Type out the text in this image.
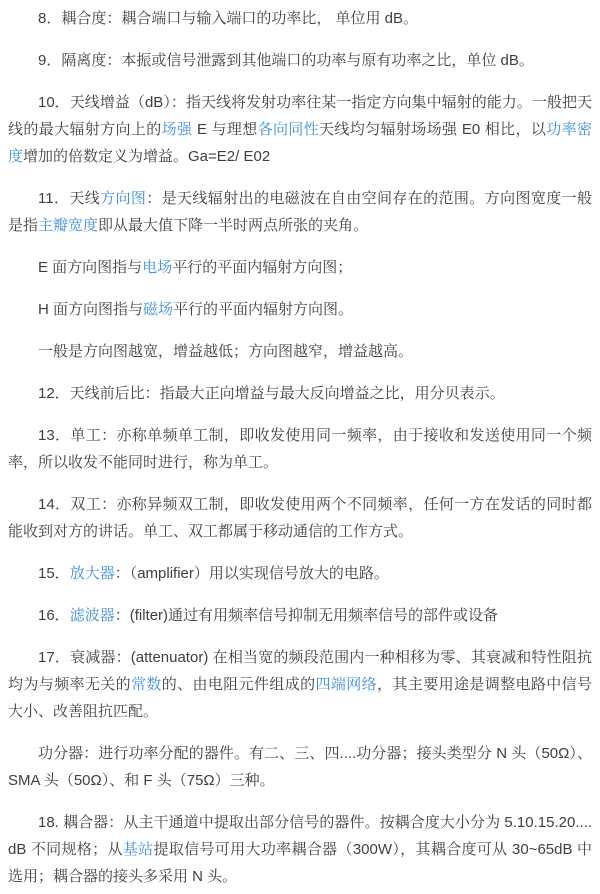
8．耦合度：耦合端口与输入端口的功率比， 单位用 dB。

9．隔离度：本振或信号泄露到其他端口的功率与原有功率之比，单位 dB。

10．天线增益（dB）：指天线将发射功率往某一指定方向集中辐射的能力。一般把天线的最大辐射方向上的场强 E 与理想各向同性天线均匀辐射场场强 E0 相比，以功率密度增加的倍数定义为增益。Ga=E2/ E02

11．天线方向图：是天线辐射出的电磁波在自由空间存在的范围。方向图宽度一般是指主瓣宽度即从最大值下降一半时两点所张的夹角。

E 面方向图指与电场平行的平面内辐射方向图；

H 面方向图指与磁场平行的平面内辐射方向图。

一般是方向图越宽，增益越低；方向图越窄，增益越高。

12．天线前后比：指最大正向增益与最大反向增益之比，用分贝表示。

13．单工：亦称单频单工制，即收发使用同一频率，由于接收和发送使用同一个频率，所以收发不能同时进行，称为单工。

14．双工：亦称异频双工制，即收发使用两个不同频率，任何一方在发话的同时都能收到对方的讲话。单工、双工都属于移动通信的工作方式。

15．放大器：（amplifier）用以实现信号放大的电路。

16．滤波器：(filter)通过有用频率信号抑制无用频率信号的部件或设备

17．衰减器：(attenuator) 在相当宽的频段范围内一种相移为零、其衰减和特性阻抗均为与频率无关的常数的、由电阻元件组成的四端网络，其主要用途是调整电路中信号大小、改善阻抗匹配。

功分器：进行功率分配的器件。有二、三、四....功分器；接头类型分 N 头（50Ω）、SMA 头（50Ω）、和 F 头（75Ω）三种。

18. 耦合器：从主干通道中提取出部分信号的器件。按耦合度大小分为 5.10.15.20.... dB 不同规格；从基站提取信号可用大功率耦合器（300W），其耦合度可从 30~65dB 中选用；耦合器的接头多采用 N 头。
